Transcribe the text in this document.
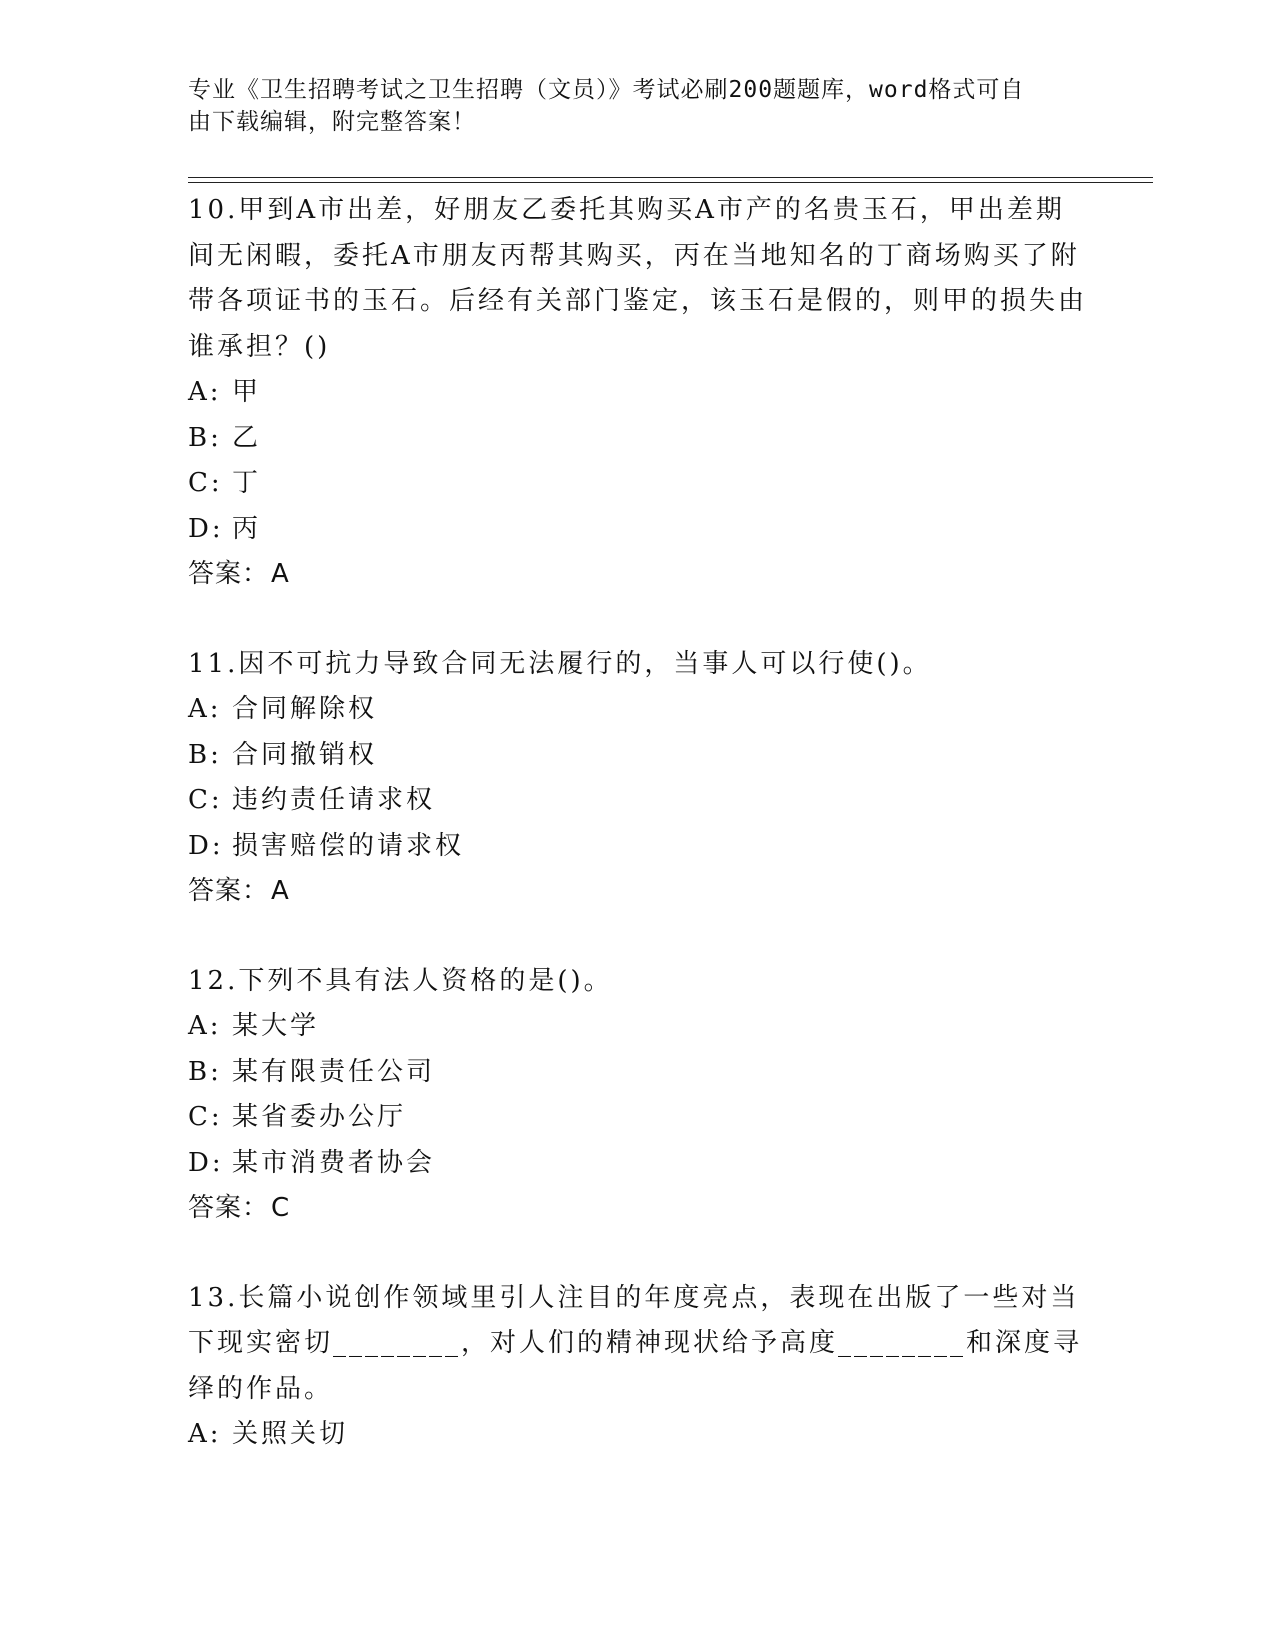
专业《卫生招聘考试之卫生招聘（文员）》考试必刷200题题库，word格式可自
由下载编辑，附完整答案！

10.甲到A市出差，好朋友乙委托其购买A市产的名贵玉石，甲出差期间无闲暇，委托A市朋友丙帮其购买，丙在当地知名的丁商场购买了附带各项证书的玉石。后经有关部门鉴定，该玉石是假的，则甲的损失由谁承担？()

A: 甲

B: 乙

C: 丁

D: 丙

答案：A

11.因不可抗力导致合同无法履行的，当事人可以行使()。

A: 合同解除权

B: 合同撤销权

C: 违约责任请求权

D: 损害赔偿的请求权

答案：A

12.下列不具有法人资格的是()。

A: 某大学

B: 某有限责任公司

C: 某省委办公厅

D: 某市消费者协会

答案：C

13.长篇小说创作领域里引人注目的年度亮点，表现在出版了一些对当下现实密切________，对人们的精神现状给予高度________和深度寻绎的作品。

A: 关照关切
